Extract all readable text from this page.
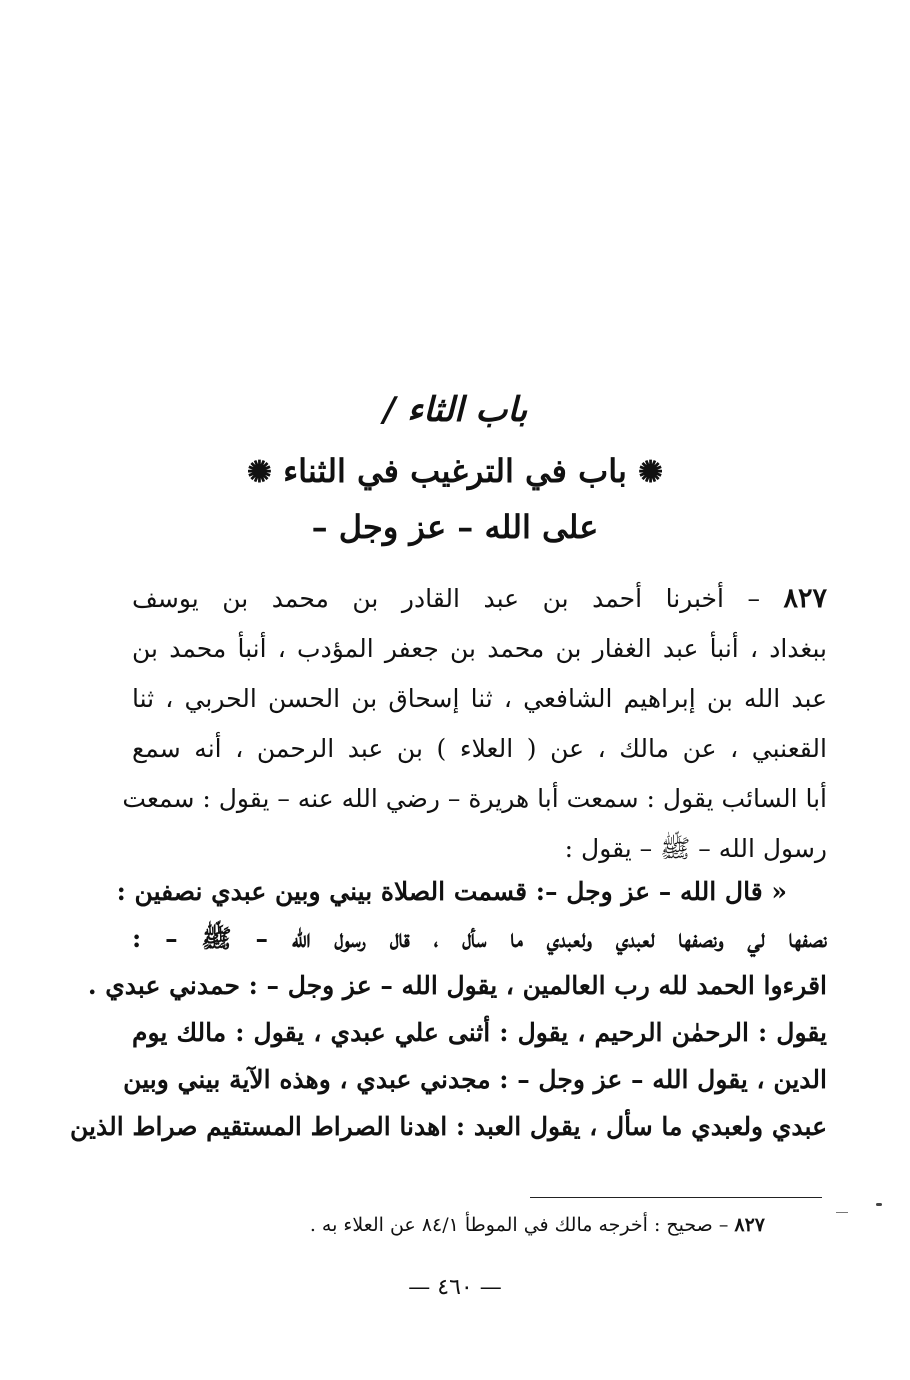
باب الثاء /
✺ باب في الترغيب في الثناء ✺
على الله – عز وجل –
٨٢٧ – أخبرنا أحمد بن عبد القادر بن محمد بن يوسف
ببغداد ، أنبأ عبد الغفار بن محمد بن جعفر المؤدب ، أنبأ محمد بن
عبد الله بن إبراهيم الشافعي ، ثنا إسحاق بن الحسن الحربي ، ثنا
القعنبي ، عن مالك ، عن ( العلاء ) بن عبد الرحمن ، أنه سمع
أبا السائب يقول : سمعت أبا هريرة – رضي الله عنه – يقول : سمعت
رسول الله – ﷺ – يقول :
« قال الله – عز وجل –: قسمت الصلاة بيني وبين عبدي نصفين :
نصفها لي ونصفها لعبدي ولعبدي ما سأل ، قال رسول الله – ﷺ – :
اقرءوا الحمد لله رب العالمين ، يقول الله – عز وجل – : حمدني عبدي .
يقول : الرحمٰن الرحيم ، يقول : أثنى علي عبدي ، يقول : مالك يوم
الدين ، يقول الله – عز وجل – : مجدني عبدي ، وهذه الآية بيني وبين
عبدي ولعبدي ما سأل ، يقول العبد : اهدنا الصراط المستقيم صراط الذين
٨٢٧ – صحيح : أخرجه مالك في الموطأ ٨٤/١ عن العلاء به .
— ٤٦٠ —
